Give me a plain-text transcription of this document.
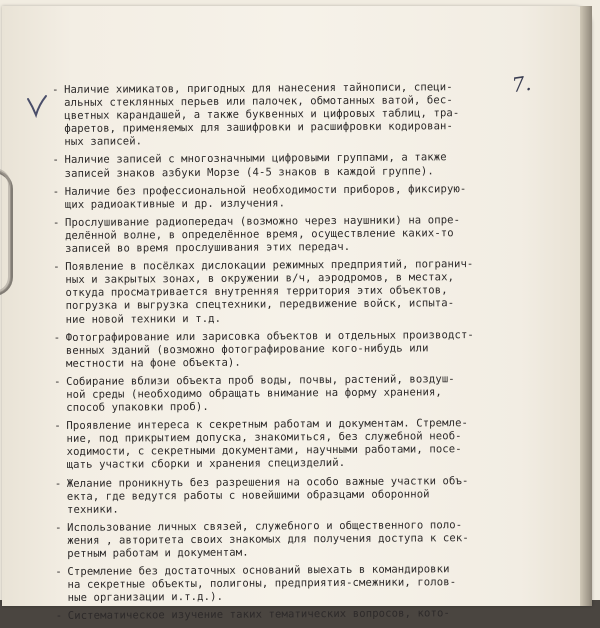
7.
- Наличие химикатов, пригодных для нанесения тайнописи, специ-
альных стеклянных перьев или палочек, обмотанных ватой, бес-
цветных карандашей, а также буквенных и цифровых таблиц, тра-
фаретов, применяемых для зашифровки и расшифровки кодирован-
ных записей.
- Наличие записей с многозначными цифровыми группами, а также
записей знаков азбуки Морзе (4-5 знаков в каждой группе).
- Наличие без профессиональной необходимости приборов, фиксирую-
щих радиоактивные и др. излучения.
- Прослушивание радиопередач (возможно через наушники) на опре-
делённой волне, в определённое время, осуществление каких-то
записей во время прослушивания этих передач.
- Появление в посёлках дислокации режимных предприятий, погранич-
ных и закрытых зонах, в окружении в/ч, аэродромов, в местах,
откуда просматривается внутренняя территория этих объектов,
погрузка и выгрузка спецтехники, передвижение войск, испыта-
ние новой техники и т.д.
- Фотографирование или зарисовка объектов и отдельных производст-
венных зданий (возможно фотографирование кого-нибудь или
местности на фоне объекта).
- Собирание вблизи объекта проб воды, почвы, растений, воздуш-
ной среды (необходимо обращать внимание на форму хранения,
способ упаковки проб).
- Проявление интереса к секретным работам и документам. Стремле-
ние, под прикрытием допуска, знакомиться, без служебной необ-
ходимости, с секретными документами, научными работами, посе-
щать участки сборки и хранения специзделий.
- Желание проникнуть без разрешения на особо важные участки объ-
екта, где ведутся работы с новейшими образцами оборонной
техники.
- Использование личных связей, служебного и общественного поло-
жения , авторитета своих знакомых для получения доступа к сек-
ретным работам и документам.
- Стремление без достаточных оснований выехать в командировки
на секретные объекты, полигоны, предприятия-смежники, голов-
ные организации и.т.д.).
- Систематическое изучение таких тематических вопросов, кото-
